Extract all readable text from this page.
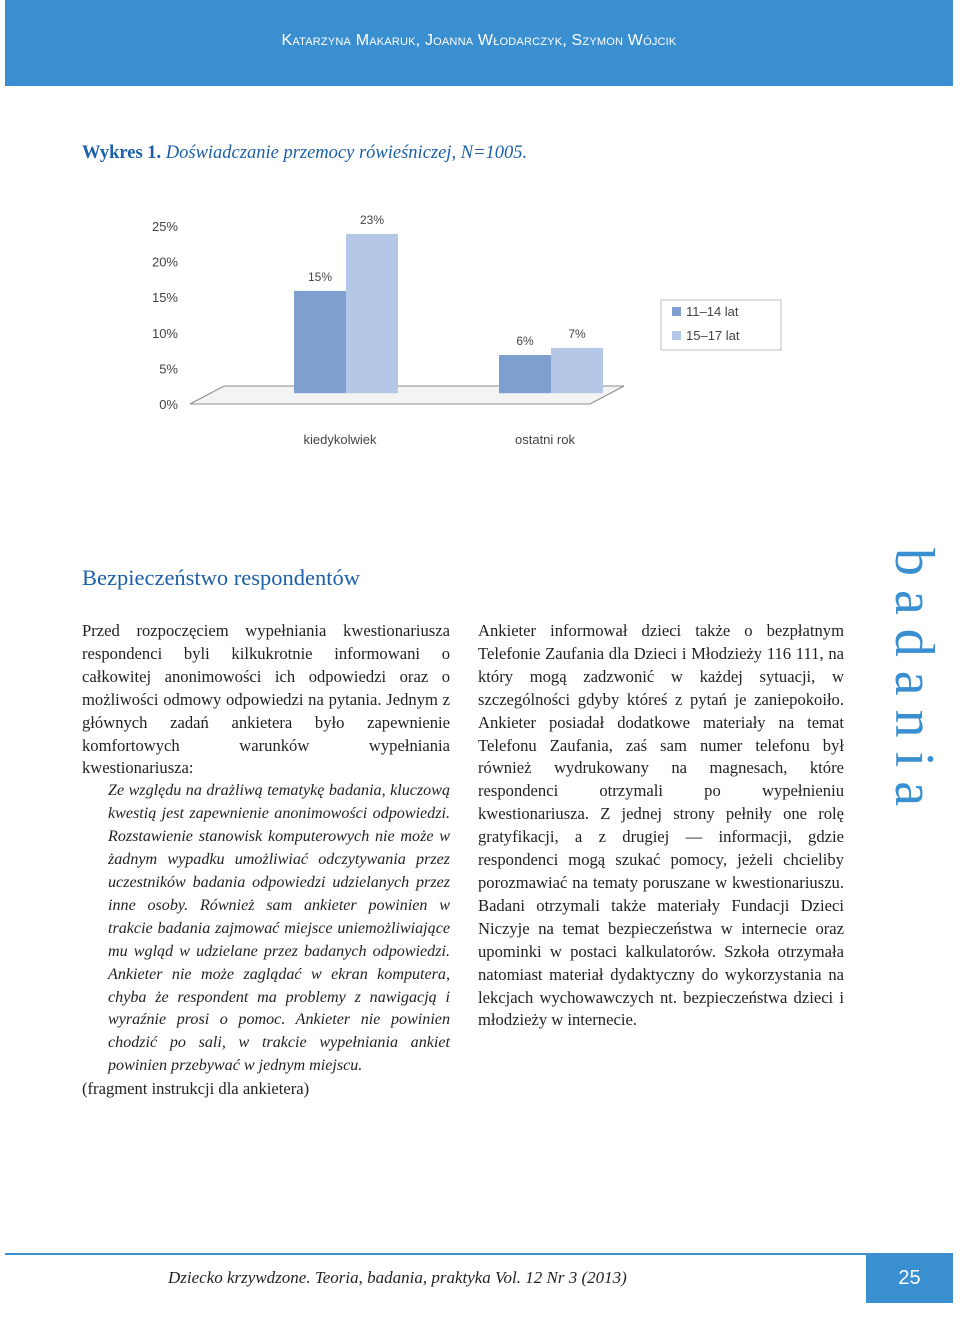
Katarzyna Makaruk, Joanna Włodarczyk, Szymon Wójcik
Wykres 1. Doświadczanie przemocy rówieśniczej, N=1005.
25%
20%
15%
10%
5%
0%
15%
23%
kiedykolwiek
6%
7%
ostatni rok
11–14 lat
15–17 lat
Bezpieczeństwo respondentów

Przed rozpoczęciem wypełniania kwestionariusza respondenci byli kilkukrotnie informowani o całkowitej anonimowości ich odpowiedzi oraz o możliwości odmowy odpowiedzi na pytania. Jednym z głównych zadań ankietera było zapewnienie komfortowych warunków wypełniania kwestionariusza:

Ze względu na drażliwą tematykę badania, kluczową kwestią jest zapewnienie anonimowości odpowiedzi. Rozstawienie stanowisk komputerowych nie może w żadnym wypadku umożliwiać odczytywania przez uczestników badania odpowiedzi udzielanych przez inne osoby. Również sam ankieter powinien w trakcie badania zajmować miejsce uniemożliwiające mu wgląd w udzielane przez badanych odpowiedzi. Ankieter nie może zaglądać w ekran komputera, chyba że respondent ma problemy z nawigacją i wyraźnie prosi o pomoc. Ankieter nie powinien chodzić po sali, w trakcie wypełniania ankiet powinien przebywać w jednym miejscu.

(fragment instrukcji dla ankietera)

Ankieter informował dzieci także o bezpłatnym Telefonie Zaufania dla Dzieci i Młodzieży 116 111, na który mogą zadzwonić w każdej sytuacji, w szczególności gdyby któreś z pytań je zaniepokoiło. Ankieter posiadał dodatkowe materiały na temat Telefonu Zaufania, zaś sam numer telefonu był również wydrukowany na magnesach, które respondenci otrzymali po wypełnieniu kwestionariusza. Z jednej strony pełniły one rolę gratyfikacji, a z drugiej — informacji, gdzie respondenci mogą szukać pomocy, jeżeli chcieliby porozmawiać na tematy poruszane w kwestionariuszu. Badani otrzymali także materiały Fundacji Dzieci Niczyje na temat bezpieczeństwa w internecie oraz upominki w postaci kalkulatorów. Szkoła otrzymała natomiast materiał dydaktyczny do wykorzystania na lekcjach wychowawczych nt. bezpieczeństwa dzieci i młodzieży w internecie.

badania
Dziecko krzywdzone. Teoria, badania, praktyka Vol. 12 Nr 3 (2013)	25
